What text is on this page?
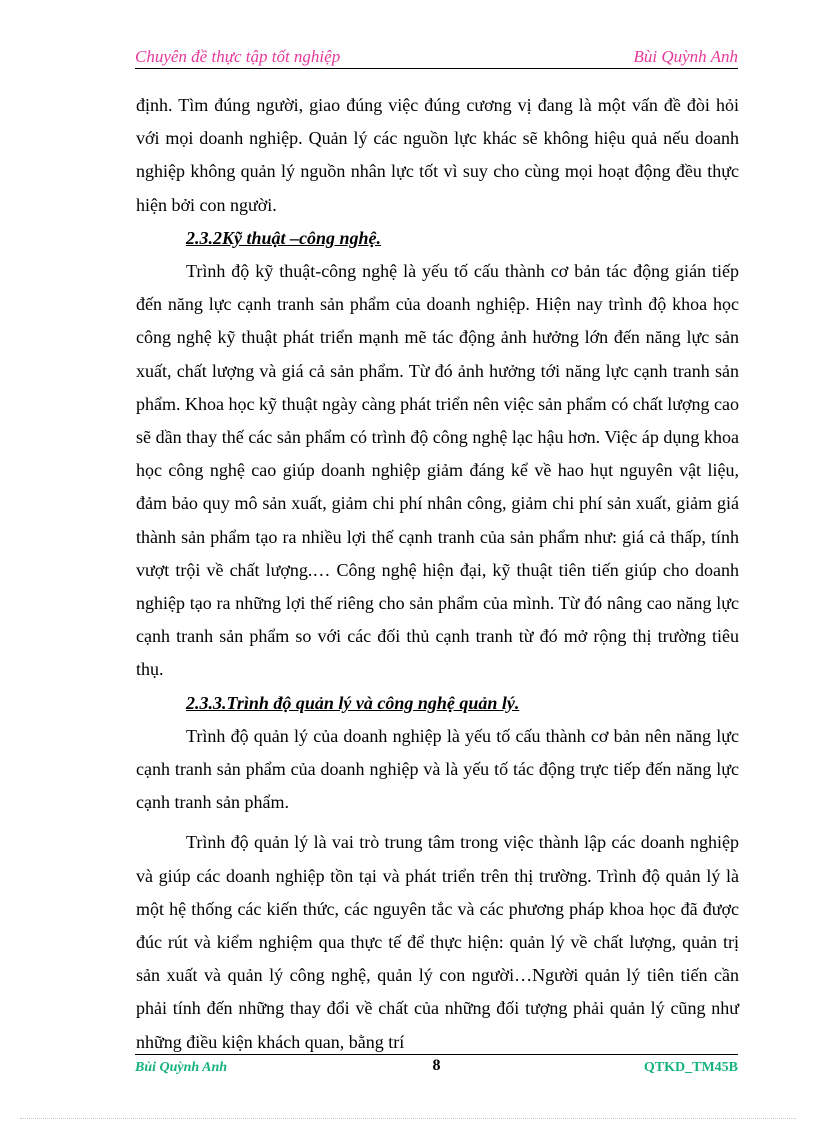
Chuyên đề thực tập tốt nghiệp	Bùi Quỳnh Anh

định. Tìm đúng người, giao đúng việc đúng cương vị đang là một vấn đề đòi hỏi với mọi doanh nghiệp. Quản lý các nguồn lực khác sẽ không hiệu quả nếu doanh nghiệp không quản lý nguồn nhân lực tốt vì suy cho cùng mọi hoạt động đều thực hiện bởi con người.

2.3.2Kỹ thuật –công nghệ.

Trình độ kỹ thuật-công nghệ là yếu tố cấu thành cơ bản tác động gián tiếp đến năng lực cạnh tranh sản phẩm của doanh nghiệp. Hiện nay trình độ khoa học công nghệ kỹ thuật phát triển mạnh mẽ tác động ảnh hưởng lớn đến năng lực sản xuất, chất lượng và giá cả sản phẩm. Từ đó ảnh hưởng tới năng lực cạnh tranh sản phẩm. Khoa học kỹ thuật ngày càng phát triển nên việc sản phẩm có chất lượng cao sẽ dần thay thế các sản phẩm có trình độ công nghệ lạc hậu hơn. Việc áp dụng khoa học công nghệ cao giúp doanh nghiệp giảm đáng kể về hao hụt nguyên vật liệu, đảm bảo quy mô sản xuất, giảm chi phí nhân công, giảm chi phí sản xuất, giảm giá thành sản phẩm tạo ra nhiều lợi thế cạnh tranh của sản phẩm như: giá cả thấp, tính vượt trội về chất lượng.… Công nghệ hiện đại, kỹ thuật tiên tiến giúp cho doanh nghiệp tạo ra những lợi thế riêng cho sản phẩm của mình. Từ đó nâng cao năng lực cạnh tranh sản phẩm so với các đối thủ cạnh tranh từ đó mở rộng thị trường tiêu thụ.

2.3.3.Trình độ quản lý và công nghệ quản lý.

Trình độ quản lý của doanh nghiệp là yếu tố cấu thành cơ bản nên năng lực cạnh tranh sản phẩm của doanh nghiệp và là yếu tố tác động trực tiếp đến năng lực cạnh tranh sản phẩm.

Trình độ quản lý là vai trò trung tâm trong việc thành lập các doanh nghiệp và giúp các doanh nghiệp tồn tại và phát triển trên thị trường. Trình độ quản lý là một hệ thống các kiến thức, các nguyên tắc và các phương pháp khoa học đã được đúc rút và kiểm nghiệm qua thực tế để thực hiện: quản lý về chất lượng, quản trị sản xuất và quản lý công nghệ, quản lý con người…Người quản lý tiên tiến cần phải tính đến những thay đổi về chất của những đối tượng phải quản lý cũng như những điều kiện khách quan, bằng trí

Bùi Quỳnh Anh	8	QTKD_TM45B
